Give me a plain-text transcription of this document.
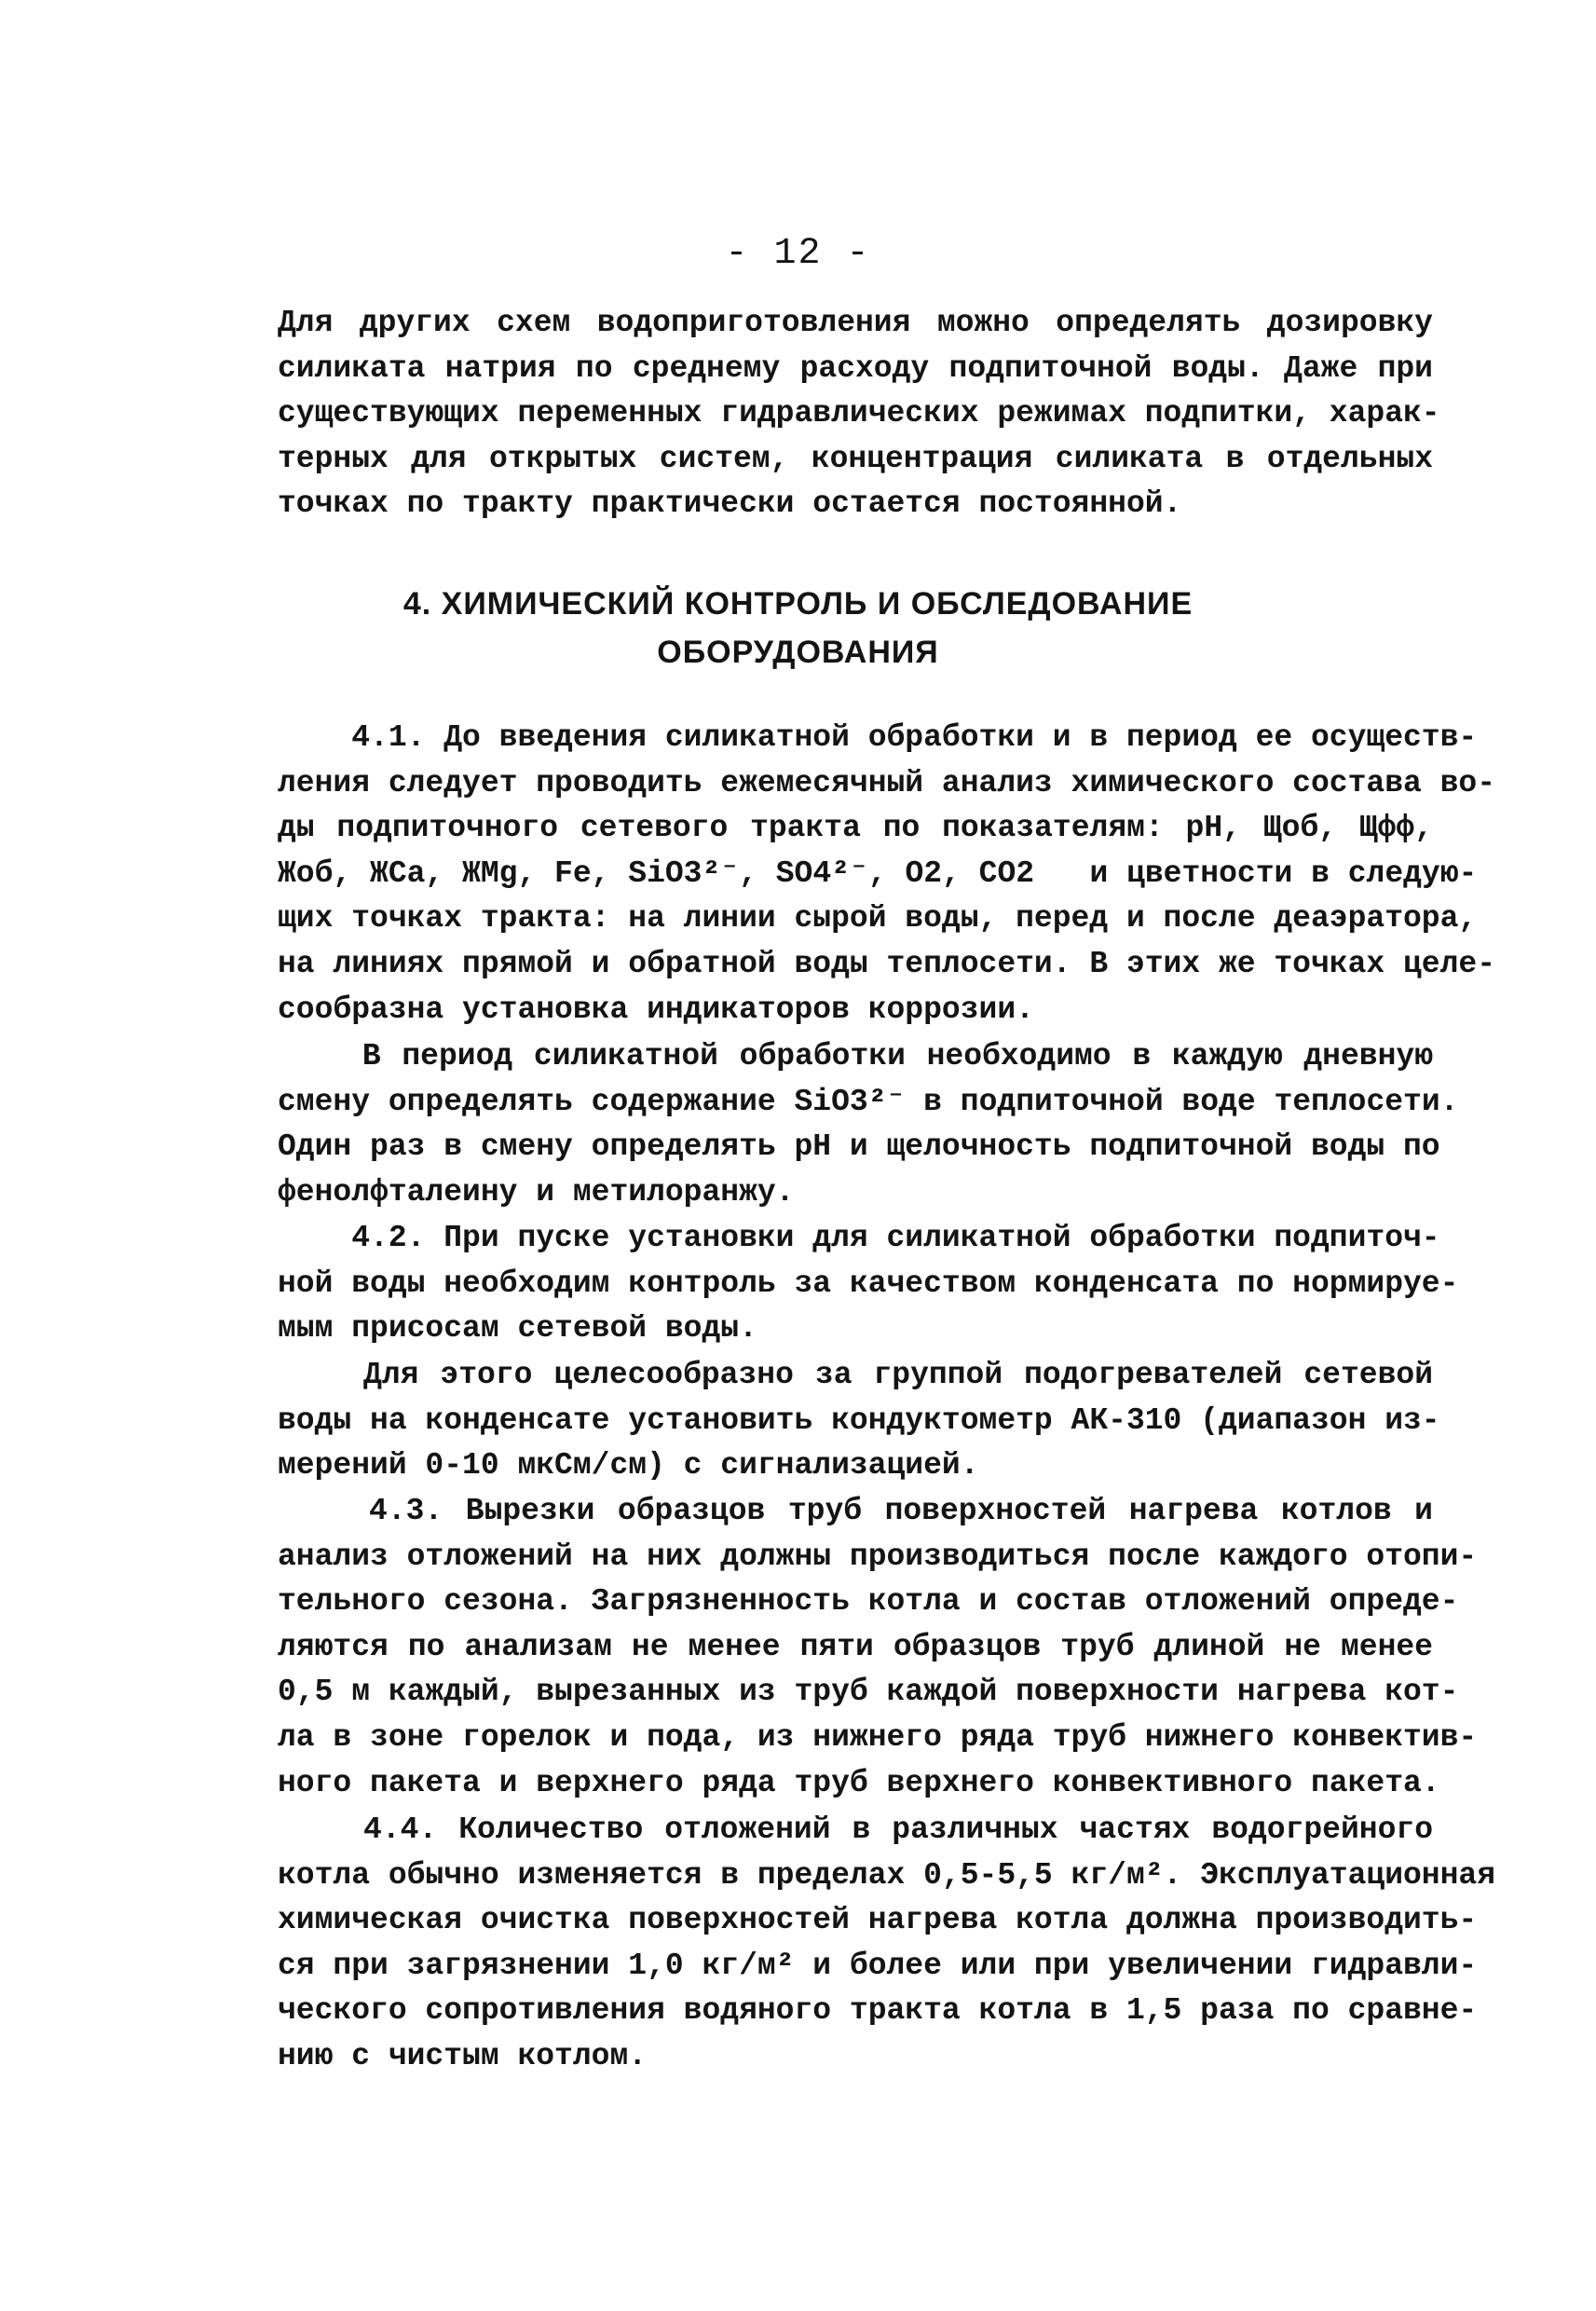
- 12 -
Для других схем водоприготовления можно определять дозировку
силиката натрия по среднему расходу подпиточной воды. Даже при
существующих переменных гидравлических режимах подпитки, харак-
терных для открытых систем, концентрация силиката в отдельных
точках по тракту практически остается постоянной.
4. ХИМИЧЕСКИЙ КОНТРОЛЬ И ОБСЛЕДОВАНИЕ
ОБОРУДОВАНИЯ
4.1. До введения силикатной обработки и в период ее осуществ-
ления следует проводить ежемесячный анализ химического состава во-
ды подпиточного сетевого тракта по показателям: pH, Щоб, Щфф,
Жоб, ЖCa, ЖMg, Fe, SiO3²⁻, SO4²⁻, O2, CO2   и цветности в следую-
щих точках тракта: на линии сырой воды, перед и после деаэратора,
на линиях прямой и обратной воды теплосети. В этих же точках целе-
сообразна установка индикаторов коррозии.
В период силикатной обработки необходимо в каждую дневную
смену определять содержание SiO3²⁻ в подпиточной воде теплосети.
Один раз в смену определять pH и щелочность подпиточной воды по
фенолфталеину и метилоранжу.
4.2. При пуске установки для силикатной обработки подпиточ-
ной воды необходим контроль за качеством конденсата по нормируе-
мым присосам сетевой воды.
Для этого целесообразно за группой подогревателей сетевой
воды на конденсате установить кондуктометр АК-310 (диапазон из-
мерений 0-10 мкСм/см) с сигнализацией.
4.3. Вырезки образцов труб поверхностей нагрева котлов и
анализ отложений на них должны производиться после каждого отопи-
тельного сезона. Загрязненность котла и состав отложений опреде-
ляются по анализам не менее пяти образцов труб длиной не менее
0,5 м каждый, вырезанных из труб каждой поверхности нагрева кот-
ла в зоне горелок и пода, из нижнего ряда труб нижнего конвектив-
ного пакета и верхнего ряда труб верхнего конвективного пакета.
4.4. Количество отложений в различных частях водогрейного
котла обычно изменяется в пределах 0,5-5,5 кг/м². Эксплуатационная
химическая очистка поверхностей нагрева котла должна производить-
ся при загрязнении 1,0 кг/м² и более или при увеличении гидравли-
ческого сопротивления водяного тракта котла в 1,5 раза по сравне-
нию с чистым котлом.
